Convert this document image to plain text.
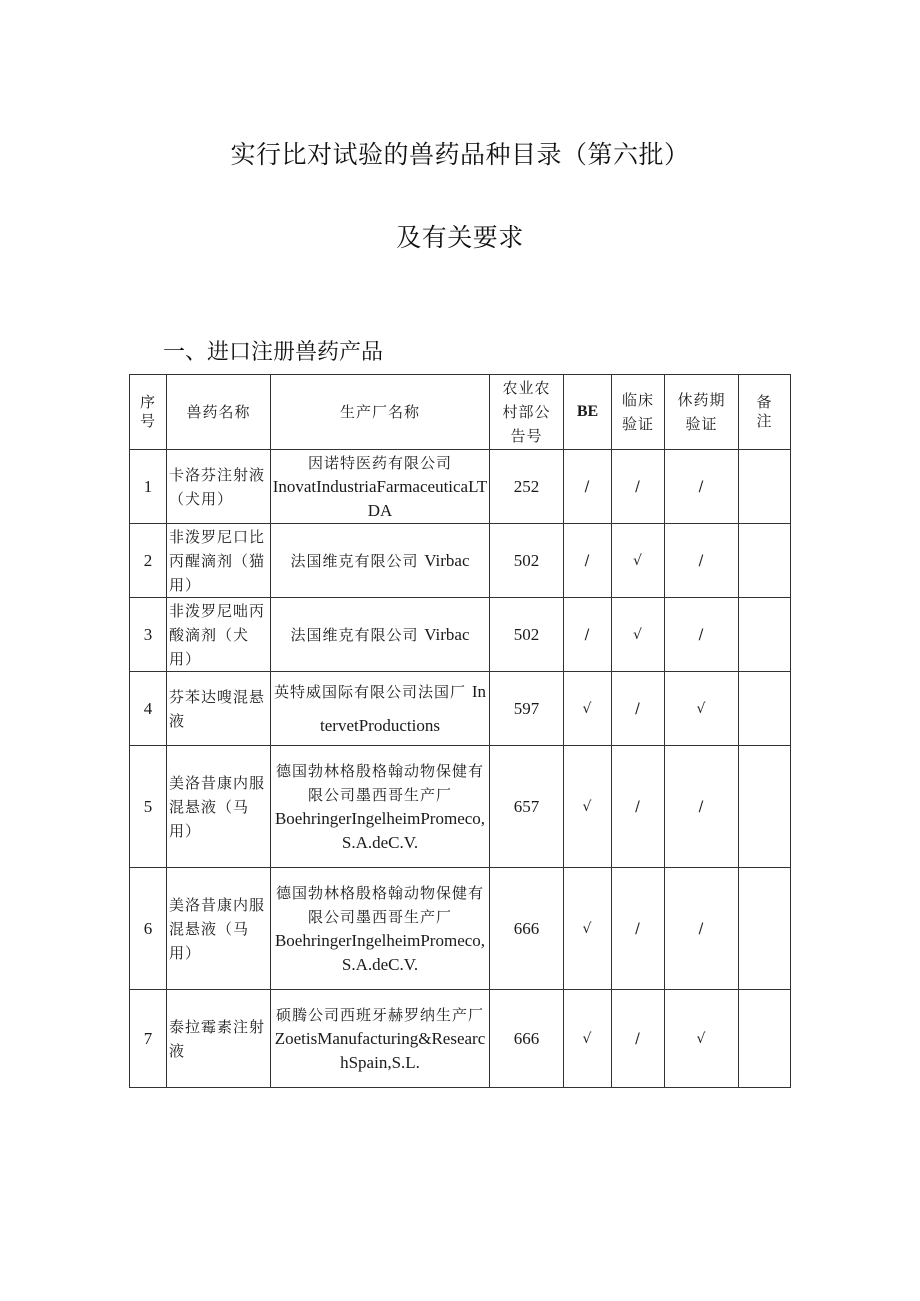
实行比对试验的兽药品种目录（第六批）
及有关要求
一、进口注册兽药产品
序号	兽药名称	生产厂名称	农业农村部公告号	BE	临床验证	休药期验证	备注
1	卡洛芬注射液（犬用）	因诺特医药有限公司
InovatIndustriaFarmaceuticaLTDA	252	/	/	/	
2	非泼罗尼口比丙醒滴剂（猫用）	法国维克有限公司 Virbac	502	/	√	/	
3	非泼罗尼咄丙酸滴剂（犬用）	法国维克有限公司 Virbac	502	/	√	/	
4	芬苯达嗖混悬液	英特威国际有限公司法国厂 IntervetProductions	597	√	/	√	
5	美洛昔康内服混悬液（马用）	德国勃林格殷格翰动物保健有限公司墨西哥生产厂
BoehringerIngelheimPromeco,S.A.deC.V.	657	√	/	/	
6	美洛昔康内服混悬液（马用）	德国勃林格殷格翰动物保健有限公司墨西哥生产厂
BoehringerIngelheimPromeco,S.A.deC.V.	666	√	/	/	
7	泰拉霉素注射液	硕腾公司西班牙赫罗纳生产厂
ZoetisManufacturing&ResearchSpain,S.L.	666	√	/	√	
